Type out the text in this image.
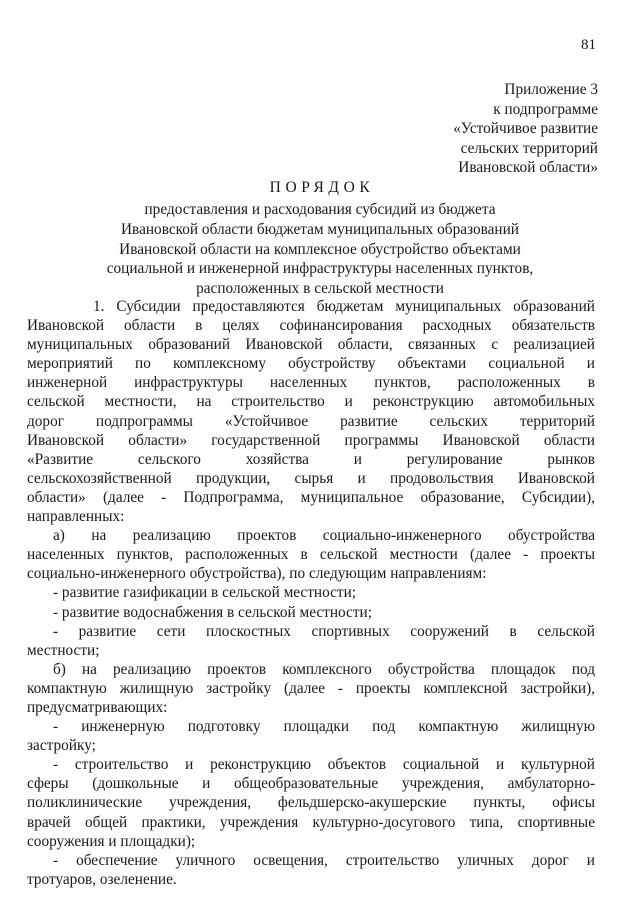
81
Приложение 3
к подпрограмме
«Устойчивое развитие
сельских территорий
Ивановской области»
ПОРЯДОК
предоставления и расходования субсидий из бюджета
Ивановской области бюджетам муниципальных образований
Ивановской области на комплексное обустройство объектами
социальной и инженерной инфраструктуры населенных пунктов,
расположенных в сельской местности
1. Субсидии предоставляются бюджетам муниципальных образований
Ивановской области в целях софинансирования расходных обязательств
муниципальных образований Ивановской области, связанных с реализацией
мероприятий по комплексному обустройству объектами социальной и
инженерной инфраструктуры населенных пунктов, расположенных в
сельской местности, на строительство и реконструкцию автомобильных
дорог подпрограммы «Устойчивое развитие сельских территорий
Ивановской области» государственной программы Ивановской области
«Развитие сельского хозяйства и регулирование рынков
сельскохозяйственной продукции, сырья и продовольствия Ивановской
области» (далее - Подпрограмма, муниципальное образование, Субсидии),
направленных:
а) на реализацию проектов социально-инженерного обустройства
населенных пунктов, расположенных в сельской местности (далее - проекты
социально-инженерного обустройства), по следующим направлениям:
- развитие газификации в сельской местности;
- развитие водоснабжения в сельской местности;
- развитие сети плоскостных спортивных сооружений в сельской
местности;
б) на реализацию проектов комплексного обустройства площадок под
компактную жилищную застройку (далее - проекты комплексной застройки),
предусматривающих:
- инженерную подготовку площадки под компактную жилищную
застройку;
- строительство и реконструкцию объектов социальной и культурной
сферы (дошкольные и общеобразовательные учреждения, амбулаторно-
поликлинические учреждения, фельдшерско-акушерские пункты, офисы
врачей общей практики, учреждения культурно-досугового типа, спортивные
сооружения и площадки);
- обеспечение уличного освещения, строительство уличных дорог и
тротуаров, озеленение.
